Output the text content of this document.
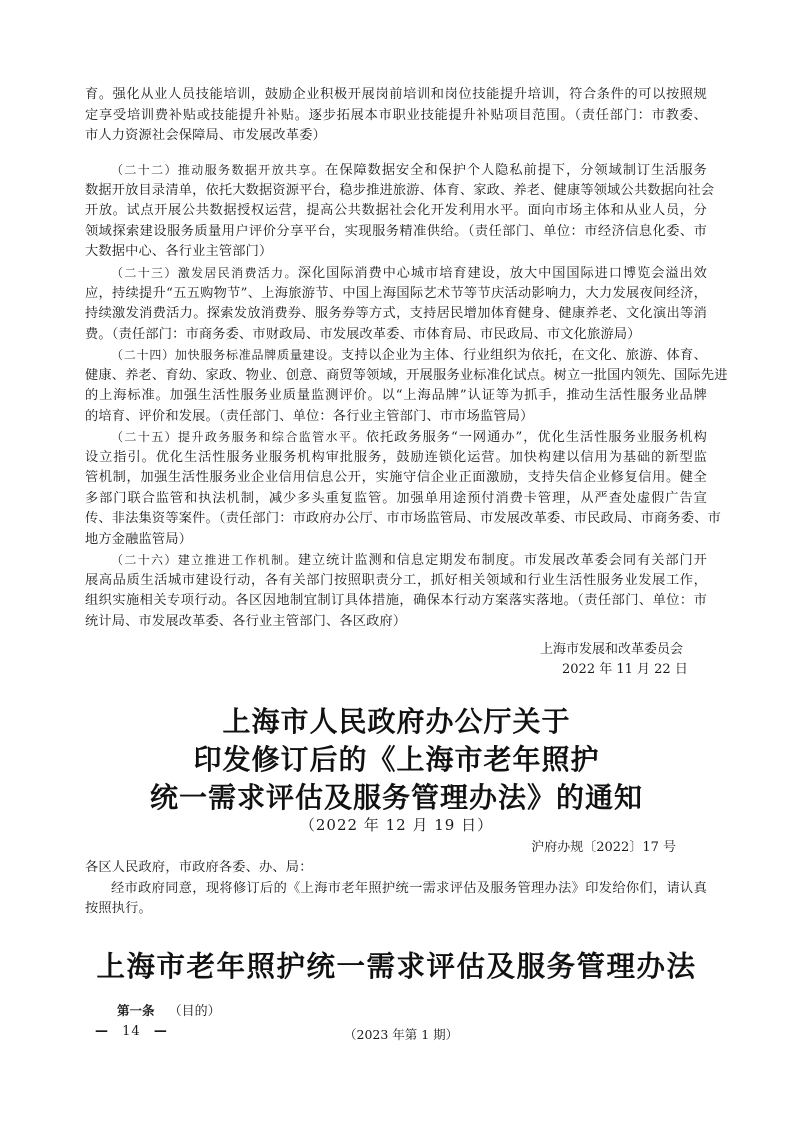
育。强化从业人员技能培训，鼓励企业积极开展岗前培训和岗位技能提升培训，符合条件的可以按照规
定享受培训费补贴或技能提升补贴。逐步拓展本市职业技能提升补贴项目范围。（责任部门：市教委、
市人力资源社会保障局、市发展改革委）
（二十二）推动服务数据开放共享。在保障数据安全和保护个人隐私前提下，分领域制订生活服务
数据开放目录清单，依托大数据资源平台，稳步推进旅游、体育、家政、养老、健康等领域公共数据向社会
开放。试点开展公共数据授权运营，提高公共数据社会化开发利用水平。面向市场主体和从业人员，分
领域探索建设服务质量用户评价分享平台，实现服务精准供给。（责任部门、单位：市经济信息化委、市
大数据中心、各行业主管部门）
（二十三）激发居民消费活力。深化国际消费中心城市培育建设，放大中国国际进口博览会溢出效
应，持续提升“五五购物节”、上海旅游节、中国上海国际艺术节等节庆活动影响力，大力发展夜间经济，
持续激发消费活力。探索发放消费券、服务券等方式，支持居民增加体育健身、健康养老、文化演出等消
费。（责任部门：市商务委、市财政局、市发展改革委、市体育局、市民政局、市文化旅游局）
（二十四）加快服务标准品牌质量建设。支持以企业为主体、行业组织为依托，在文化、旅游、体育、
健康、养老、育幼、家政、物业、创意、商贸等领域，开展服务业标准化试点。树立一批国内领先、国际先进
的上海标准。加强生活性服务业质量监测评价。以“上海品牌”认证等为抓手，推动生活性服务业品牌
的培育、评价和发展。（责任部门、单位：各行业主管部门、市市场监管局）
（二十五）提升政务服务和综合监管水平。依托政务服务“一网通办”，优化生活性服务业服务机构
设立指引。优化生活性服务业服务机构审批服务，鼓励连锁化运营。加快构建以信用为基础的新型监
管机制，加强生活性服务业企业信用信息公开，实施守信企业正面激励，支持失信企业修复信用。健全
多部门联合监管和执法机制，减少多头重复监管。加强单用途预付消费卡管理，从严查处虚假广告宣
传、非法集资等案件。（责任部门：市政府办公厅、市市场监管局、市发展改革委、市民政局、市商务委、市
地方金融监管局）
（二十六）建立推进工作机制。建立统计监测和信息定期发布制度。市发展改革委会同有关部门开
展高品质生活城市建设行动，各有关部门按照职责分工，抓好相关领域和行业生活性服务业发展工作，
组织实施相关专项行动。各区因地制宜制订具体措施，确保本行动方案落实落地。（责任部门、单位：市
统计局、市发展改革委、各行业主管部门、各区政府）
上海市发展和改革委员会
2022 年 11 月 22 日
上海市人民政府办公厅关于
印发修订后的《上海市老年照护
统一需求评估及服务管理办法》的通知
（2022 年 12 月 19 日）
沪府办规〔2022〕17 号
各区人民政府，市政府各委、办、局：
经市政府同意，现将修订后的《上海市老年照护统一需求评估及服务管理办法》印发给你们，请认真
按照执行。
上海市老年照护统一需求评估及服务管理办法
第一条 （目的）
— 14 —	（2023 年第 1 期）
